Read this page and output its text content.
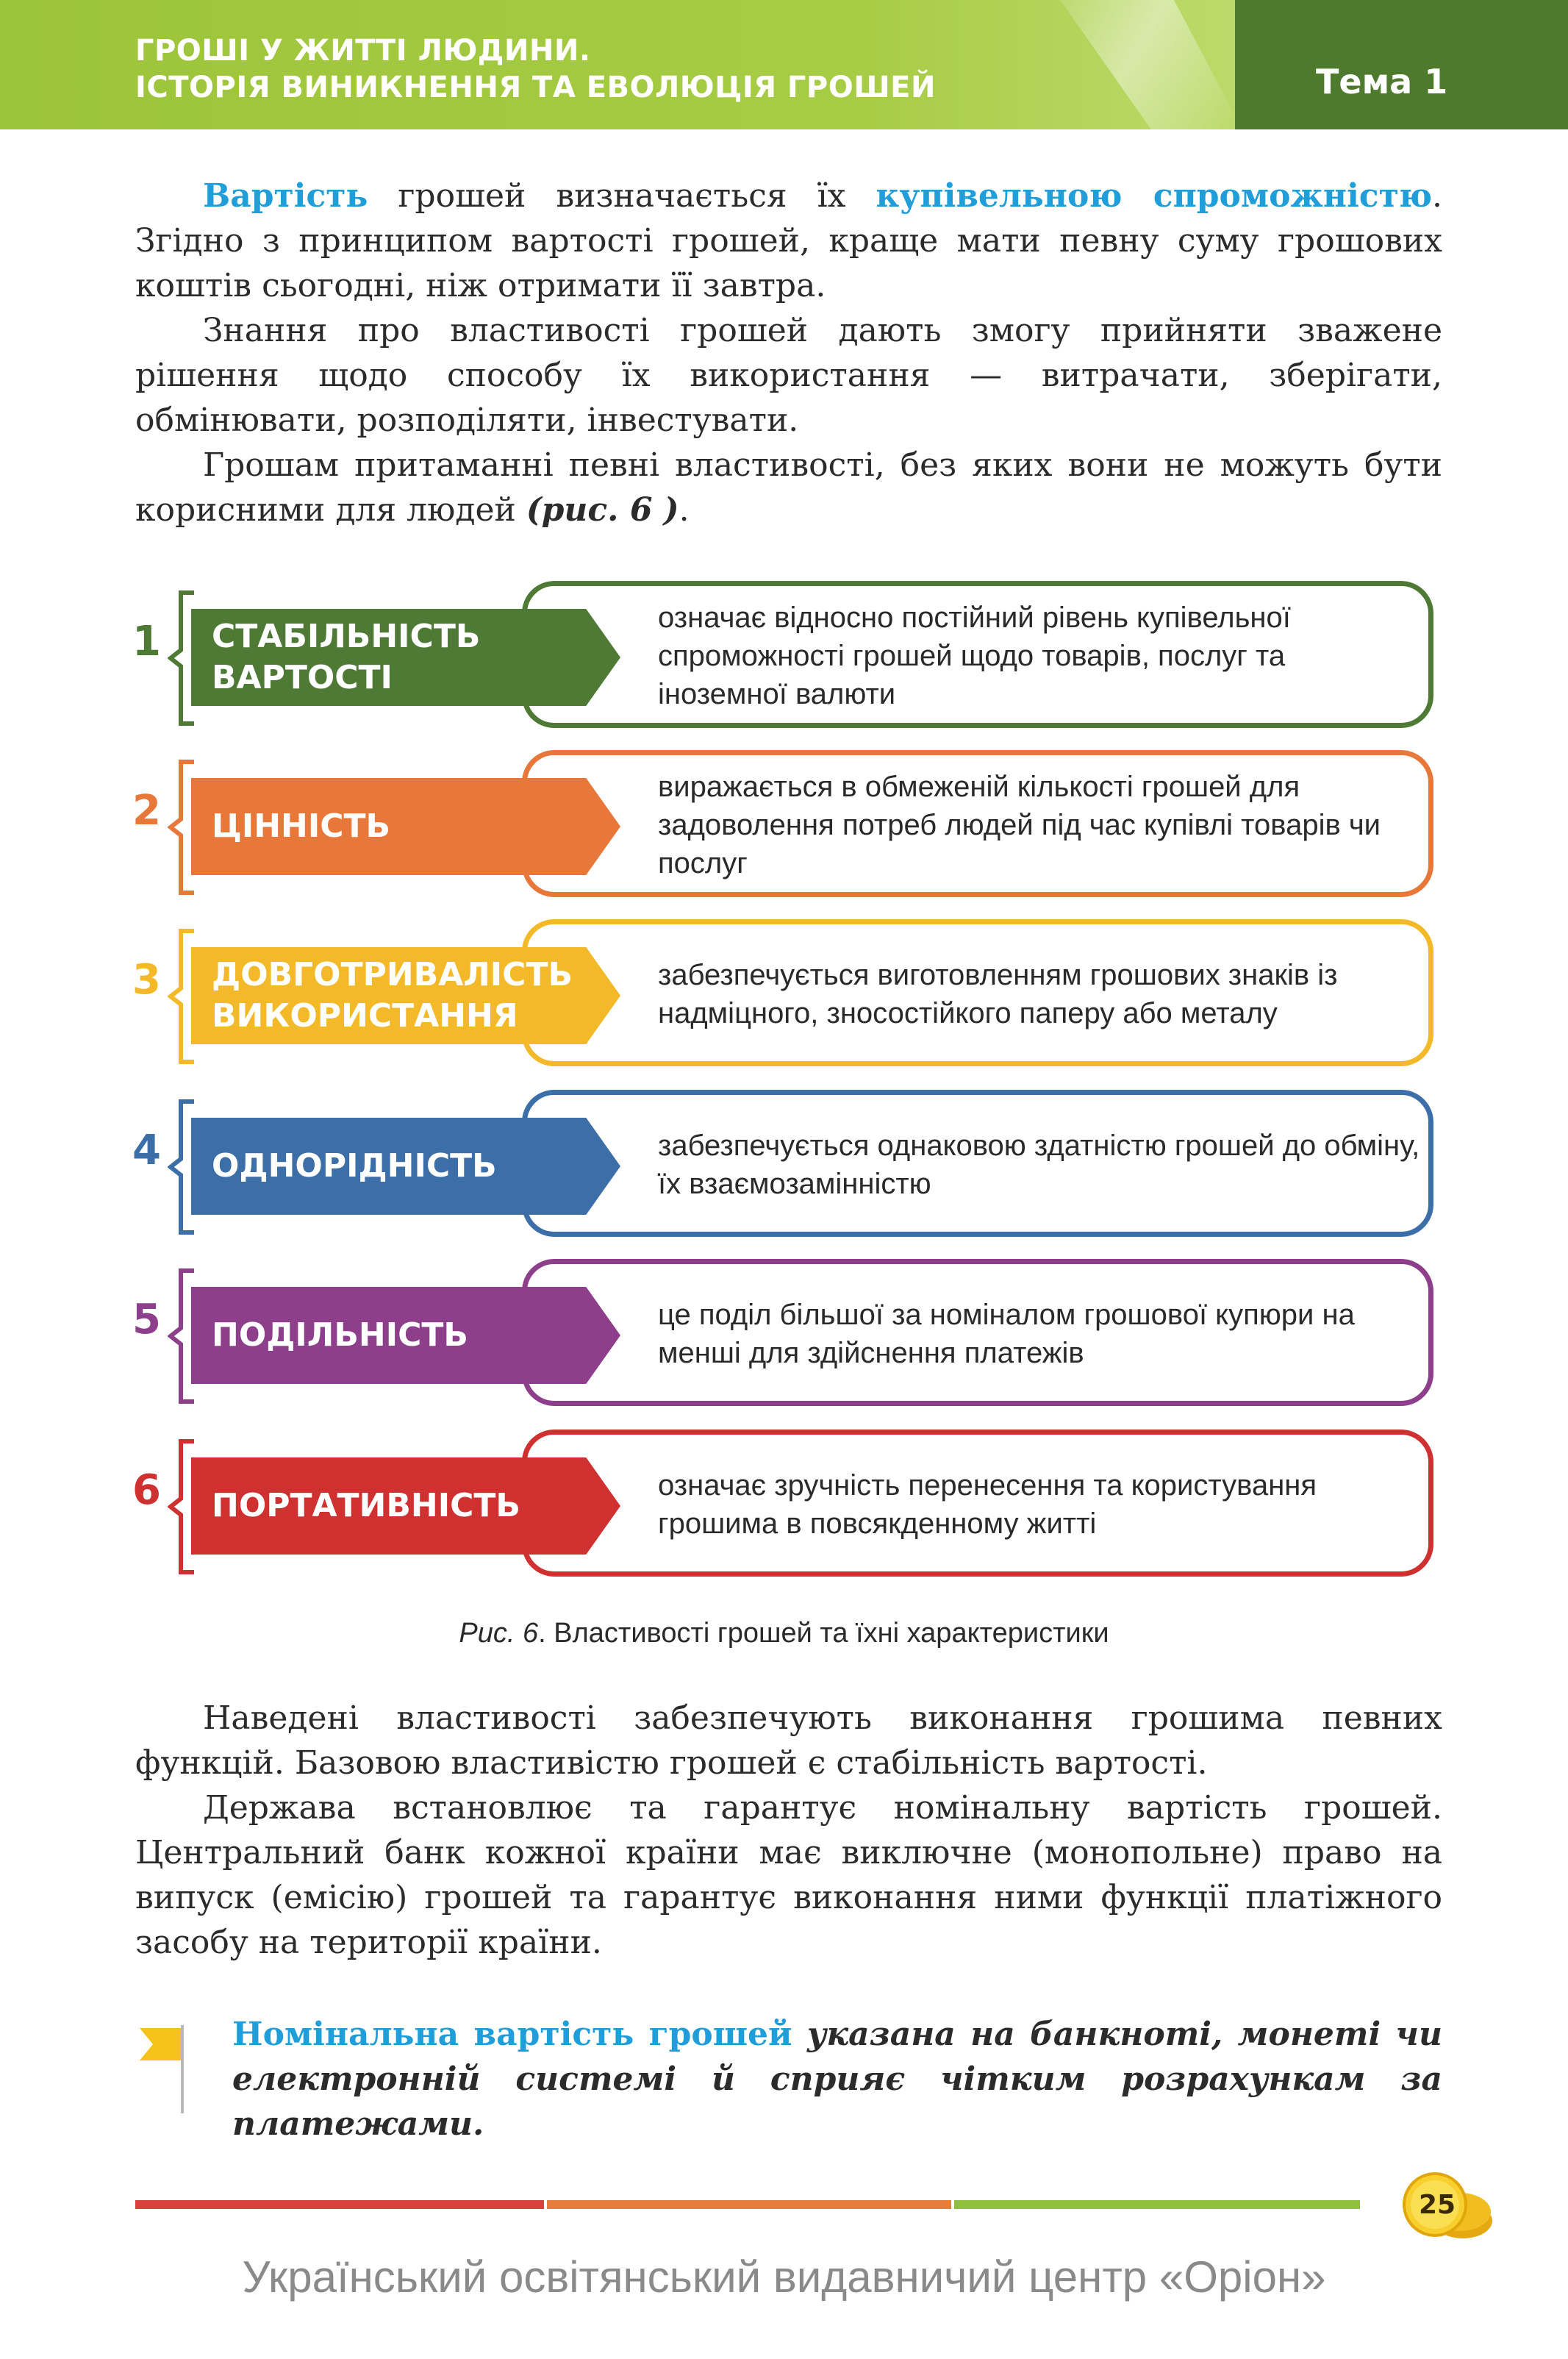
ГРОШІ У ЖИТТІ ЛЮДИНИ.
ІСТОРІЯ ВИНИКНЕННЯ ТА ЕВОЛЮЦІЯ ГРОШЕЙ	Тема 1

Вартість грошей визначається їх купівельною спроможністю. Згідно з принципом вартості грошей, краще мати певну суму грошових коштів сьогодні, ніж отримати її завтра.

Знання про властивості грошей дають змогу прийняти зважене рішення щодо способу їх використання — витрачати, зберігати, обмінювати, розподіляти, інвестувати.

Грошам притаманні певні властивості, без яких вони не можуть бути корисними для людей (рис. 6 ).

1 СТАБІЛЬНІСТЬ ВАРТОСТІ
означає відносно постійний рівень купівельної спроможності грошей щодо товарів, послуг та іноземної валюти
2 ЦІННІСТЬ
виражається в обмеженій кількості грошей для задоволення потреб людей під час купівлі товарів чи послуг
3 ДОВГОТРИВАЛІСТЬ ВИКОРИСТАННЯ
забезпечується виготовленням грошових знаків із надміцного, зносостійкого паперу або металу
4 ОДНОРІДНІСТЬ
забезпечується однаковою здатністю грошей до обміну, їх взаємозамінністю
5 ПОДІЛЬНІСТЬ
це поділ більшої за номіналом грошової купюри на менші для здійснення платежів
6 ПОРТАТИВНІСТЬ
означає зручність перенесення та користування грошима в повсякденному житті
Рис. 6. Властивості грошей та їхні характеристики

Наведені властивості забезпечують виконання грошима певних функцій. Базовою властивістю грошей є стабільність вартості.

Держава встановлює та гарантує номінальну вартість грошей. Центральний банк кожної країни має виключне (монопольне) право на випуск (емісію) грошей та гарантує виконання ними функції платіжного засобу на території країни.

Номінальна вартість грошей указана на банкноті, монеті чи електронній системі й сприяє чітким розрахункам за платежами.
25
Український освітянський видавничий центр «Оріон»
